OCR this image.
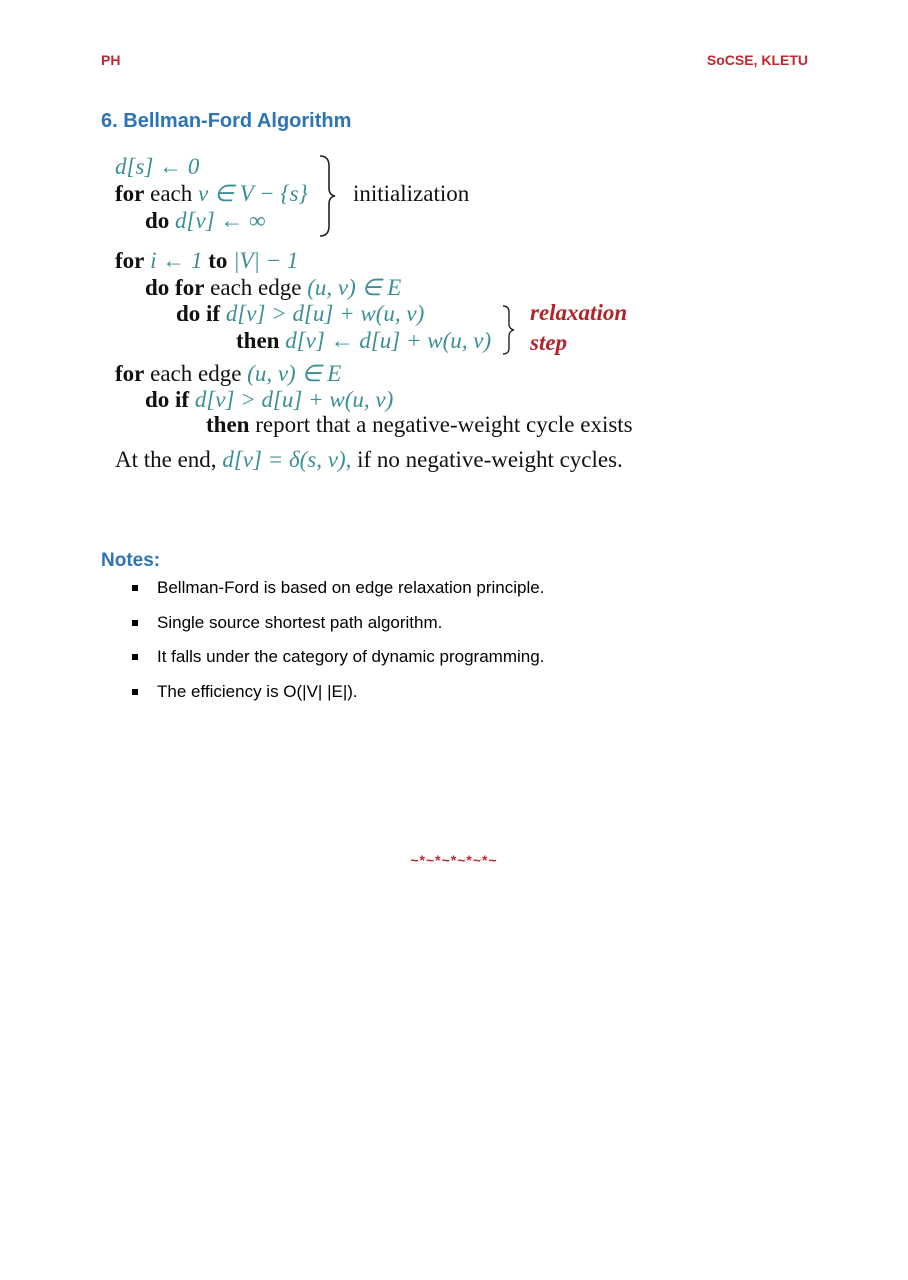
PH	SoCSE, KLETU
6. Bellman-Ford Algorithm
d[s] ← 0
for each v ∈ V − {s}
do d[v] ← ∞
initialization
for i ← 1 to |V| − 1
do for each edge (u, v) ∈ E
do if d[v] > d[u] + w(u, v)
then d[v] ← d[u] + w(u, v)
relaxation
step
for each edge (u, v) ∈ E
do if d[v] > d[u] + w(u, v)
then report that a negative-weight cycle exists
At the end, d[v] = δ(s, v), if no negative-weight cycles.
Notes:
Bellman-Ford is based on edge relaxation principle.
Single source shortest path algorithm.
It falls under the category of dynamic programming.
The efficiency is O(|V| |E|).
~*~*~*~*~*~
